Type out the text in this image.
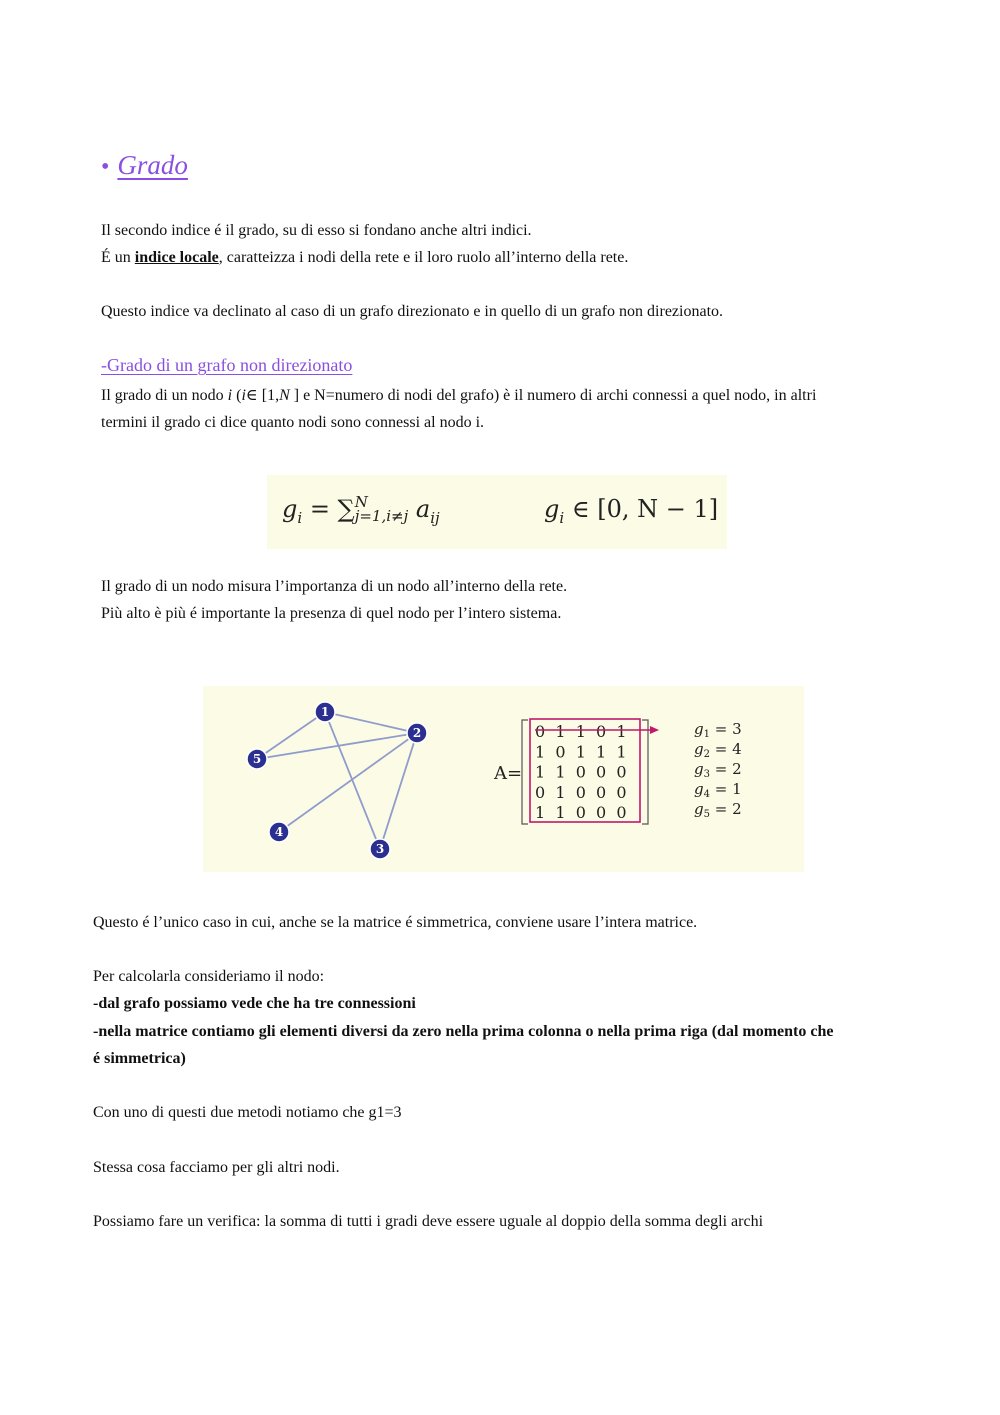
• Grado
Il secondo indice é il grado, su di esso si fondano anche altri indici.
É un indice locale, caratteizza i nodi della rete e il loro ruolo all’interno della rete.
Questo indice va declinato al caso di un grafo direzionato e in quello di un grafo non direzionato.
-Grado di un grafo non direzionato
Il grado di un nodo i (i∈ [1,N ] e N=numero di nodi del grafo) è il numero di archi connessi a quel nodo, in altri
termini il grado ci dice quanto nodi sono connessi al nodo i.
$g_i$ = ∑ N
j=1,i≠j $a_{ij}$	$g_i$ ∈ [0, N − 1]
Il grado di un nodo misura l’importanza di un nodo all’interno della rete.
Più alto è più é importante la presenza di quel nodo per l’intero sistema.
1
2
5
4
3
A=
0  1  1  0  1
1  0  1  1  1
1  1  0  0  0
0  1  0  0  0
1  1  0  0  0
$g_1 = 3$
$g_2 = 4$
$g_3 = 2$
$g_4 = 1$
$g_5 = 2$
Questo é l’unico caso in cui, anche se la matrice é simmetrica, conviene usare l’intera matrice.
Per calcolarla consideriamo il nodo:
-dal grafo possiamo vede che ha tre connessioni
-nella matrice contiamo gli elementi diversi da zero nella prima colonna o nella prima riga (dal momento che
é simmetrica)
Con uno di questi due metodi notiamo che g1=3
Stessa cosa facciamo per gli altri nodi.
Possiamo fare un verifica: la somma di tutti i gradi deve essere uguale al doppio della somma degli archi
